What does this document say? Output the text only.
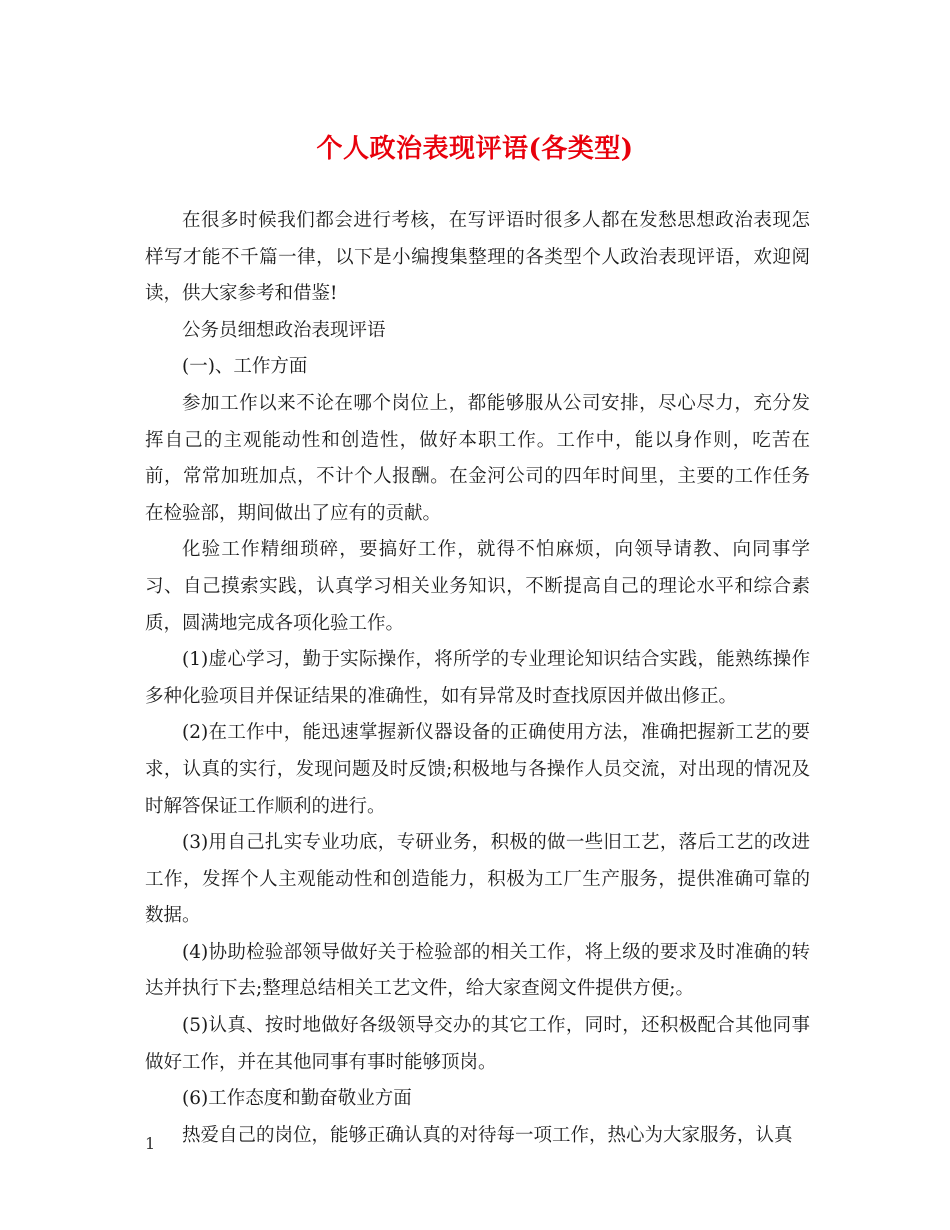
个人政治表现评语(各类型)

在很多时候我们都会进行考核，在写评语时很多人都在发愁思想政治表现怎样写才能不千篇一律，以下是小编搜集整理的各类型个人政治表现评语，欢迎阅读，供大家参考和借鉴!

公务员细想政治表现评语

(一)、工作方面

参加工作以来不论在哪个岗位上，都能够服从公司安排，尽心尽力，充分发挥自己的主观能动性和创造性，做好本职工作。工作中，能以身作则，吃苦在前，常常加班加点，不计个人报酬。在金河公司的四年时间里，主要的工作任务在检验部，期间做出了应有的贡献。

化验工作精细琐碎，要搞好工作，就得不怕麻烦，向领导请教、向同事学习、自己摸索实践，认真学习相关业务知识，不断提高自己的理论水平和综合素质，圆满地完成各项化验工作。

(1)虚心学习，勤于实际操作，将所学的专业理论知识结合实践，能熟练操作多种化验项目并保证结果的准确性，如有异常及时查找原因并做出修正。

(2)在工作中，能迅速掌握新仪器设备的正确使用方法，准确把握新工艺的要求，认真的实行，发现问题及时反馈;积极地与各操作人员交流，对出现的情况及时解答保证工作顺利的进行。

(3)用自己扎实专业功底，专研业务，积极的做一些旧工艺，落后工艺的改进工作，发挥个人主观能动性和创造能力，积极为工厂生产服务，提供准确可靠的数据。

(4)协助检验部领导做好关于检验部的相关工作，将上级的要求及时准确的转达并执行下去;整理总结相关工艺文件，给大家查阅文件提供方便;。

(5)认真、按时地做好各级领导交办的其它工作，同时，还积极配合其他同事做好工作，并在其他同事有事时能够顶岗。

(6)工作态度和勤奋敬业方面

热爱自己的岗位，能够正确认真的对待每一项工作，热心为大家服务，认真

1
